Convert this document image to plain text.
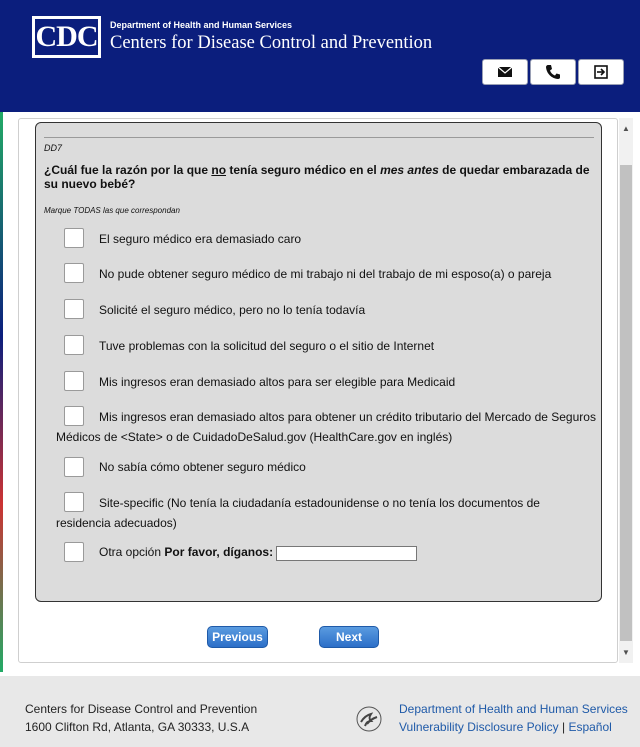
CDC Department of Health and Human Services
Centers for Disease Control and Prevention
DD7
¿Cuál fue la razón por la que no tenía seguro médico en el mes antes de quedar embarazada de su nuevo bebé?
Marque TODAS las que correspondan
El seguro médico era demasiado caro
No pude obtener seguro médico de mi trabajo ni del trabajo de mi esposo(a) o pareja
Solicité el seguro médico, pero no lo tenía todavía
Tuve problemas con la solicitud del seguro o el sitio de Internet
Mis ingresos eran demasiado altos para ser elegible para Medicaid
Mis ingresos eran demasiado altos para obtener un crédito tributario del Mercado de Seguros Médicos de <State> o de CuidadoDeSalud.gov (HealthCare.gov en inglés)
No sabía cómo obtener seguro médico
Site-specific (No tenía la ciudadanía estadounidense o no tenía los documentos de residencia adecuados)
Otra opción Por favor, díganos:
Previous	Next
▲
▼
Centers for Disease Control and Prevention
1600 Clifton Rd, Atlanta, GA 30333, U.S.A
Department of Health and Human Services
Vulnerability Disclosure Policy | Español
